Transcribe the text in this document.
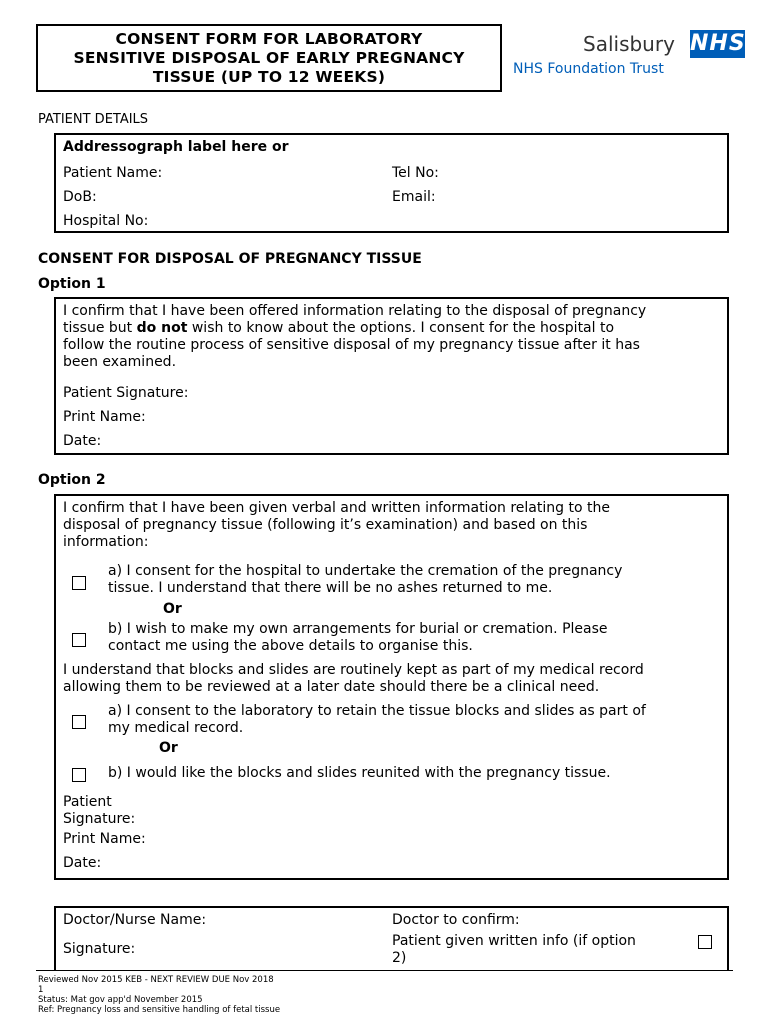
CONSENT FORM FOR LABORATORY
SENSITIVE DISPOSAL OF EARLY PREGNANCY
TISSUE (UP TO 12 WEEKS)
Salisbury NHS
NHS Foundation Trust
PATIENT DETAILS
Addressograph label here or
Patient Name:	Tel No:
DoB:	Email:
Hospital No:
CONSENT FOR DISPOSAL OF PREGNANCY TISSUE
Option 1
I confirm that I have been offered information relating to the disposal of pregnancy
tissue but do not wish to know about the options. I consent for the hospital to
follow the routine process of sensitive disposal of my pregnancy tissue after it has
been examined.
Patient Signature:
Print Name:
Date:
Option 2
I confirm that I have been given verbal and written information relating to the
disposal of pregnancy tissue (following it’s examination) and based on this
information:
a) I consent for the hospital to undertake the cremation of the pregnancy
tissue. I understand that there will be no ashes returned to me.
Or
b) I wish to make my own arrangements for burial or cremation. Please
contact me using the above details to organise this.
I understand that blocks and slides are routinely kept as part of my medical record
allowing them to be reviewed at a later date should there be a clinical need.
a) I consent to the laboratory to retain the tissue blocks and slides as part of
my medical record.
Or
b) I would like the blocks and slides reunited with the pregnancy tissue.
Patient
Signature:
Print Name:
Date:
Doctor/Nurse Name:
Signature:
Doctor to confirm:
Patient given written info (if option
2)
Reviewed Nov 2015 KEB - NEXT REVIEW DUE Nov 2018
1
Status: Mat gov app'd November 2015
Ref: Pregnancy loss and sensitive handling of fetal tissue
